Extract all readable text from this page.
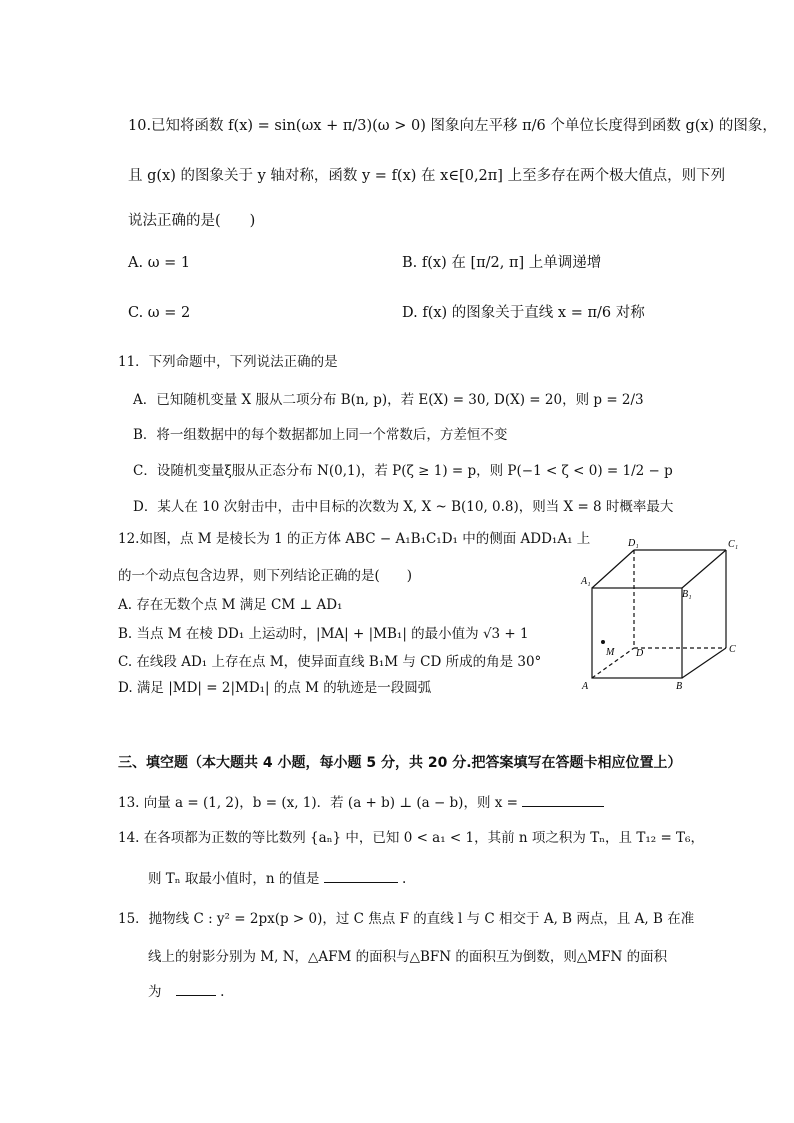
10.已知将函数 f(x) = sin(ωx + π/3)(ω > 0) 图象向左平移 π/6 个单位长度得到函数 g(x) 的图象，
且 g(x) 的图象关于 y 轴对称，函数 y = f(x) 在 x∈[0,2π] 上至多存在两个极大值点，则下列
说法正确的是(　　)
A. ω = 1	B. f(x) 在 [π/2, π] 上单调递增
C. ω = 2	D. f(x) 的图象关于直线 x = π/6 对称
11．下列命题中，下列说法正确的是
A．已知随机变量 X 服从二项分布 B(n, p)，若 E(X) = 30, D(X) = 20，则 p = 2/3
B．将一组数据中的每个数据都加上同一个常数后，方差恒不变
C．设随机变量ξ服从正态分布 N(0,1)，若 P(ζ ≥ 1) = p，则 P(−1 < ζ < 0) = 1/2 − p
D．某人在 10 次射击中，击中目标的次数为 X, X ~ B(10, 0.8)，则当 X = 8 时概率最大
12.如图，点 M 是棱长为 1 的正方体 ABC − A₁B₁C₁D₁ 中的侧面 ADD₁A₁ 上
的一个动点包含边界，则下列结论正确的是(　　)
A. 存在无数个点 M 满足 CM ⊥ AD₁
B. 当点 M 在棱 DD₁ 上运动时，|MA| + |MB₁| 的最小值为 √3 + 1
C. 在线段 AD₁ 上存在点 M，使异面直线 B₁M 与 CD 所成的角是 30°
D. 满足 |MD| = 2|MD₁| 的点 M 的轨迹是一段圆弧
D₁	C₁
A₁
B₁
M D	C
A	B
三、填空题（本大题共 4 小题，每小题 5 分，共 20 分.把答案填写在答题卡相应位置上）
13. 向量 a = (1, 2)，b = (x, 1)．若 (a + b) ⊥ (a − b)，则 x =
14. 在各项都为正数的等比数列 {aₙ} 中，已知 0 < a₁ < 1，其前 n 项之积为 Tₙ，且 T₁₂ = T₆，
则 Tₙ 取最小值时，n 的值是	.
15．抛物线 C : y² = 2px(p > 0)，过 C 焦点 F 的直线 l 与 C 相交于 A, B 两点，且 A, B 在准
线上的射影分别为 M, N，△AFM 的面积与△BFN 的面积互为倒数，则△MFN 的面积
为	.
